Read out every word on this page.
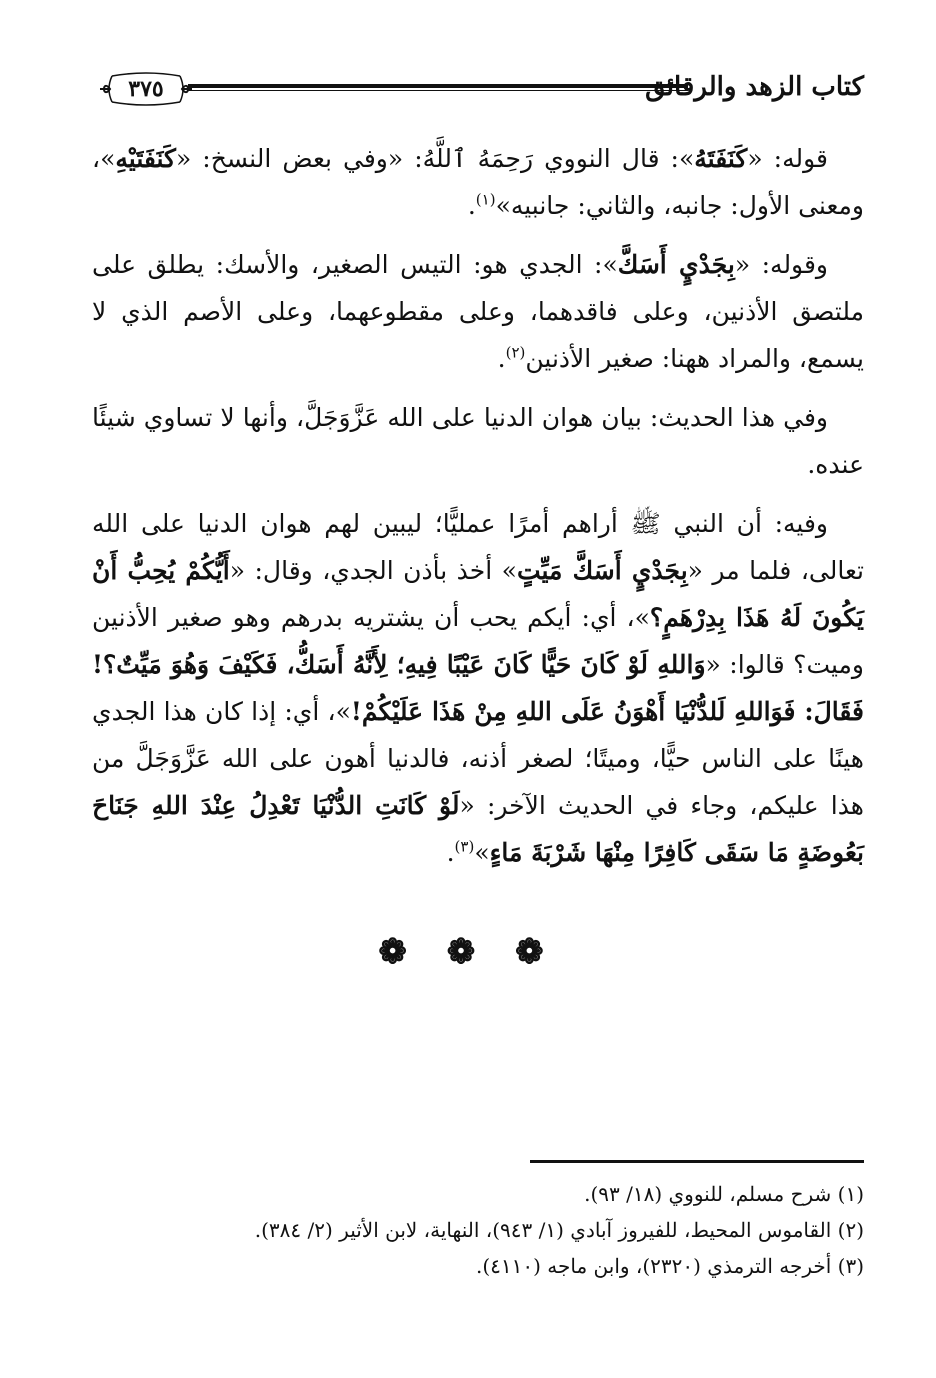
٣٧٥	كتاب الزهد والرقائق

قوله: «كَنَفَتَهُ»: قال النووي رَحِمَهُ ٱللَّهُ: «وفي بعض النسخ: «كَنَفَتَيْهِ»، ومعنى الأول: جانبه، والثاني: جانبيه»$^{(١)}$.

وقوله: «بِجَدْيٍ أَسَكَّ»: الجدي هو: التيس الصغير، والأسك: يطلق على ملتصق الأذنين، وعلى فاقدهما، وعلى مقطوعهما، وعلى الأصم الذي لا يسمع، والمراد ههنا: صغير الأذنين$^{(٢)}$.

وفي هذا الحديث: بيان هوان الدنيا على الله عَزَّوَجَلَّ، وأنها لا تساوي شيئًا عنده.

وفيه: أن النبي ﷺ أراهم أمرًا عمليًّا؛ ليبين لهم هوان الدنيا على الله تعالى، فلما مر «بِجَدْيٍ أَسَكَّ مَيِّتٍ» أخذ بأذن الجدي، وقال: «أَيُّكُمْ يُحِبُّ أَنْ يَكُونَ لَهُ هَذَا بِدِرْهَمٍ؟»، أي: أيكم يحب أن يشتريه بدرهم وهو صغير الأذنين وميت؟ قالوا: «وَاللهِ لَوْ كَانَ حَيًّا كَانَ عَيْبًا فِيهِ؛ لِأَنَّهُ أَسَكُّ، فَكَيْفَ وَهُوَ مَيِّتٌ؟! فَقَالَ: فَوَاللهِ لَلدُّنْيَا أَهْوَنُ عَلَى اللهِ مِنْ هَذَا عَلَيْكُمْ!»، أي: إذا كان هذا الجدي هينًا على الناس حيًّا، وميتًا؛ لصغر أذنه، فالدنيا أهون على الله عَزَّوَجَلَّ من هذا عليكم، وجاء في الحديث الآخر: «لَوْ كَانَتِ الدُّنْيَا تَعْدِلُ عِنْدَ اللهِ جَنَاحَ بَعُوضَةٍ مَا سَقَى كَافِرًا مِنْهَا شَرْبَةَ مَاءٍ»$^{(٣)}$.

❁ ❁ ❁

(١) شرح مسلم، للنووي (١٨/ ٩٣).

(٢) القاموس المحيط، للفيروز آبادي (١/ ٩٤٣)، النهاية، لابن الأثير (٢/ ٣٨٤).

(٣) أخرجه الترمذي (٢٣٢٠)، وابن ماجه (٤١١٠).
